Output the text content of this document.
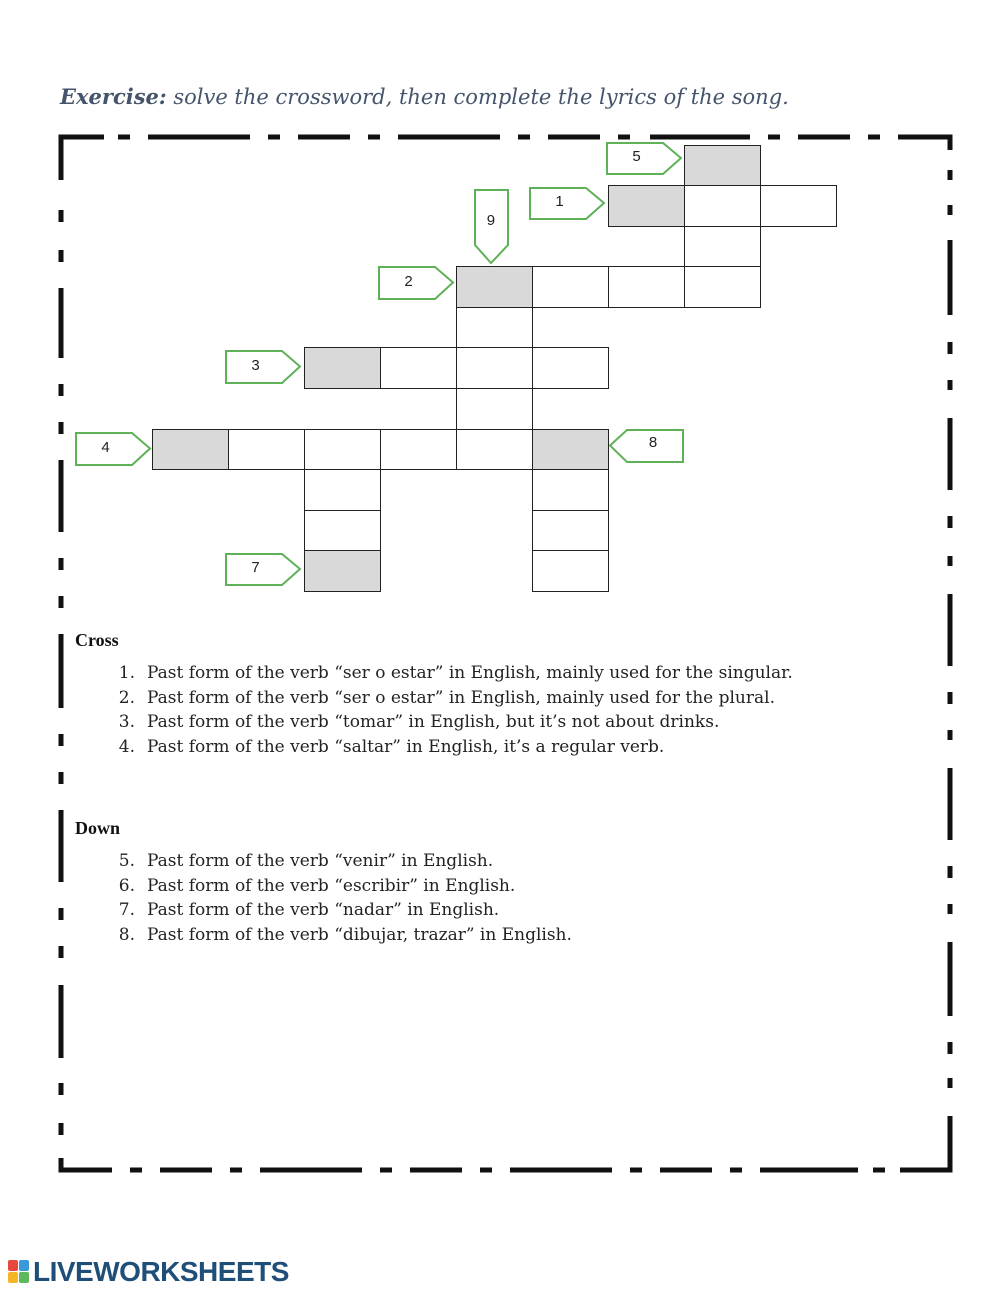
Exercise: solve the crossword, then complete the lyrics of the song.

1
2
3
4
5
6
7
8
Cross
1. Past form of the verb “ser o estar” in English, mainly used for the singular.
2. Past form of the verb “ser o estar” in English, mainly used for the plural.
3. Past form of the verb “tomar” in English, but it’s not about drinks.
4. Past form of the verb “saltar” in English, it’s a regular verb.
Down
5. Past form of the verb “venir” in English.
6. Past form of the verb “escribir” in English.
7. Past form of the verb “nadar” in English.
8. Past form of the verb “dibujar, trazar” in English.
LIVEWORKSHEETS
